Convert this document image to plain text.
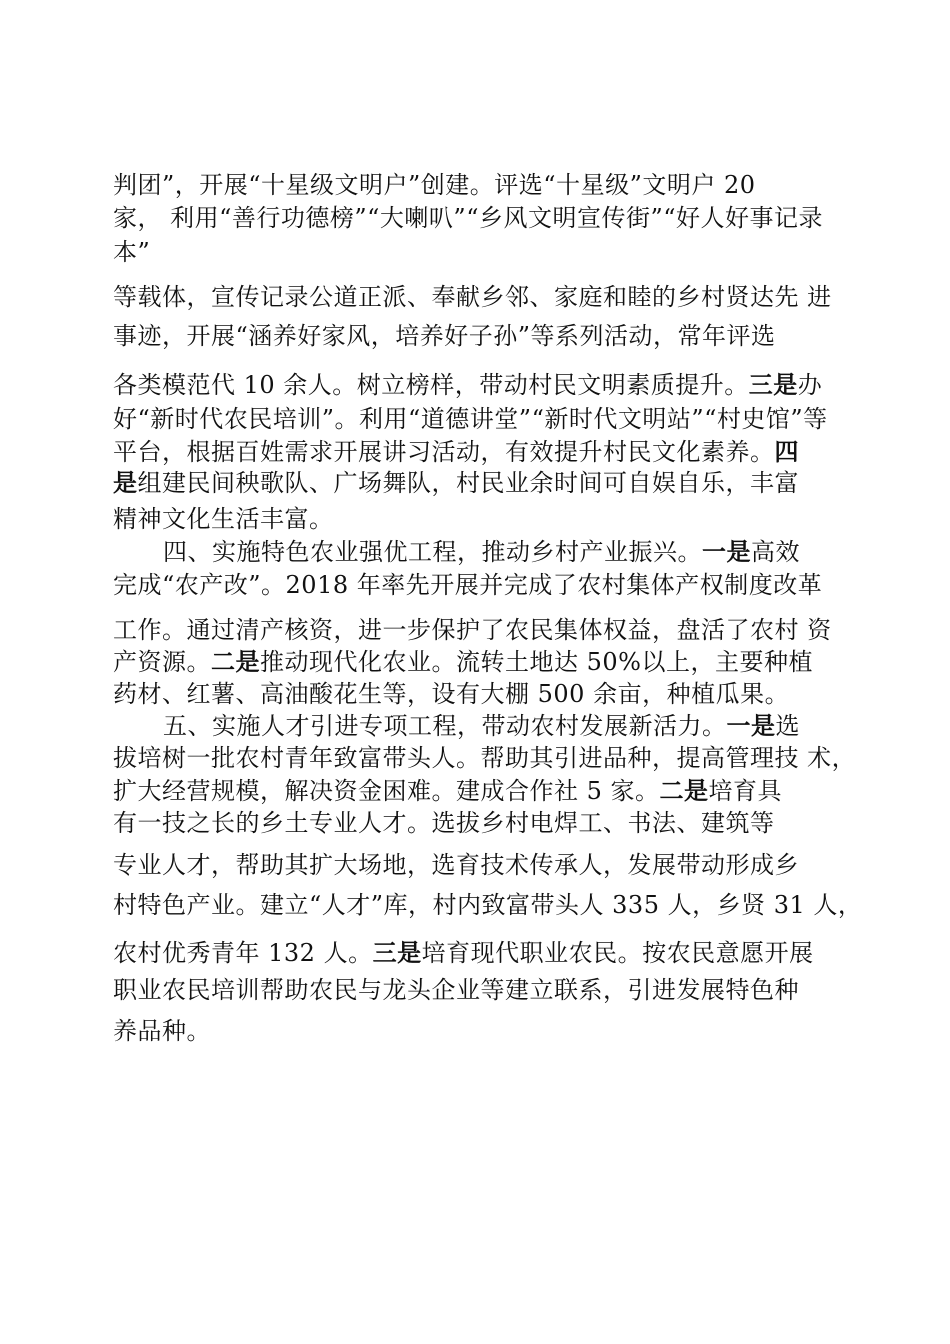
判团”，开展“十星级文明户”创建。评选“十星级”文明户 20
家， 利用“善行功德榜”“大喇叭”“乡风文明宣传街”“好人好事记录
本”
等载体，宣传记录公道正派、奉献乡邻、家庭和睦的乡村贤达先 进
事迹，开展“涵养好家风，培养好子孙”等系列活动，常年评选
各类模范代 10 余人。树立榜样，带动村民文明素质提升。三是办
好“新时代农民培训”。利用“道德讲堂”“新时代文明站”“村史馆”等
平台，根据百姓需求开展讲习活动，有效提升村民文化素养。四
是组建民间秧歌队、广场舞队，村民业余时间可自娱自乐，丰富
精神文化生活丰富。
四、实施特色农业强优工程，推动乡村产业振兴。一是高效
完成“农产改”。2018 年率先开展并完成了农村集体产权制度改革
工作。通过清产核资，进一步保护了农民集体权益，盘活了农村 资
产资源。二是推动现代化农业。流转土地达 50%以上，主要种植
药材、红薯、高油酸花生等，设有大棚 500 余亩，种植瓜果。
五、实施人才引进专项工程，带动农村发展新活力。一是选
拔培树一批农村青年致富带头人。帮助其引进品种，提高管理技 术，
扩大经营规模，解决资金困难。建成合作社 5 家。二是培育具
有一技之长的乡土专业人才。选拔乡村电焊工、书法、建筑等
专业人才，帮助其扩大场地，选育技术传承人，发展带动形成乡
村特色产业。建立“人才”库，村内致富带头人 335 人，乡贤 31 人，
农村优秀青年 132 人。三是培育现代职业农民。按农民意愿开展
职业农民培训帮助农民与龙头企业等建立联系，引进发展特色种
养品种。
